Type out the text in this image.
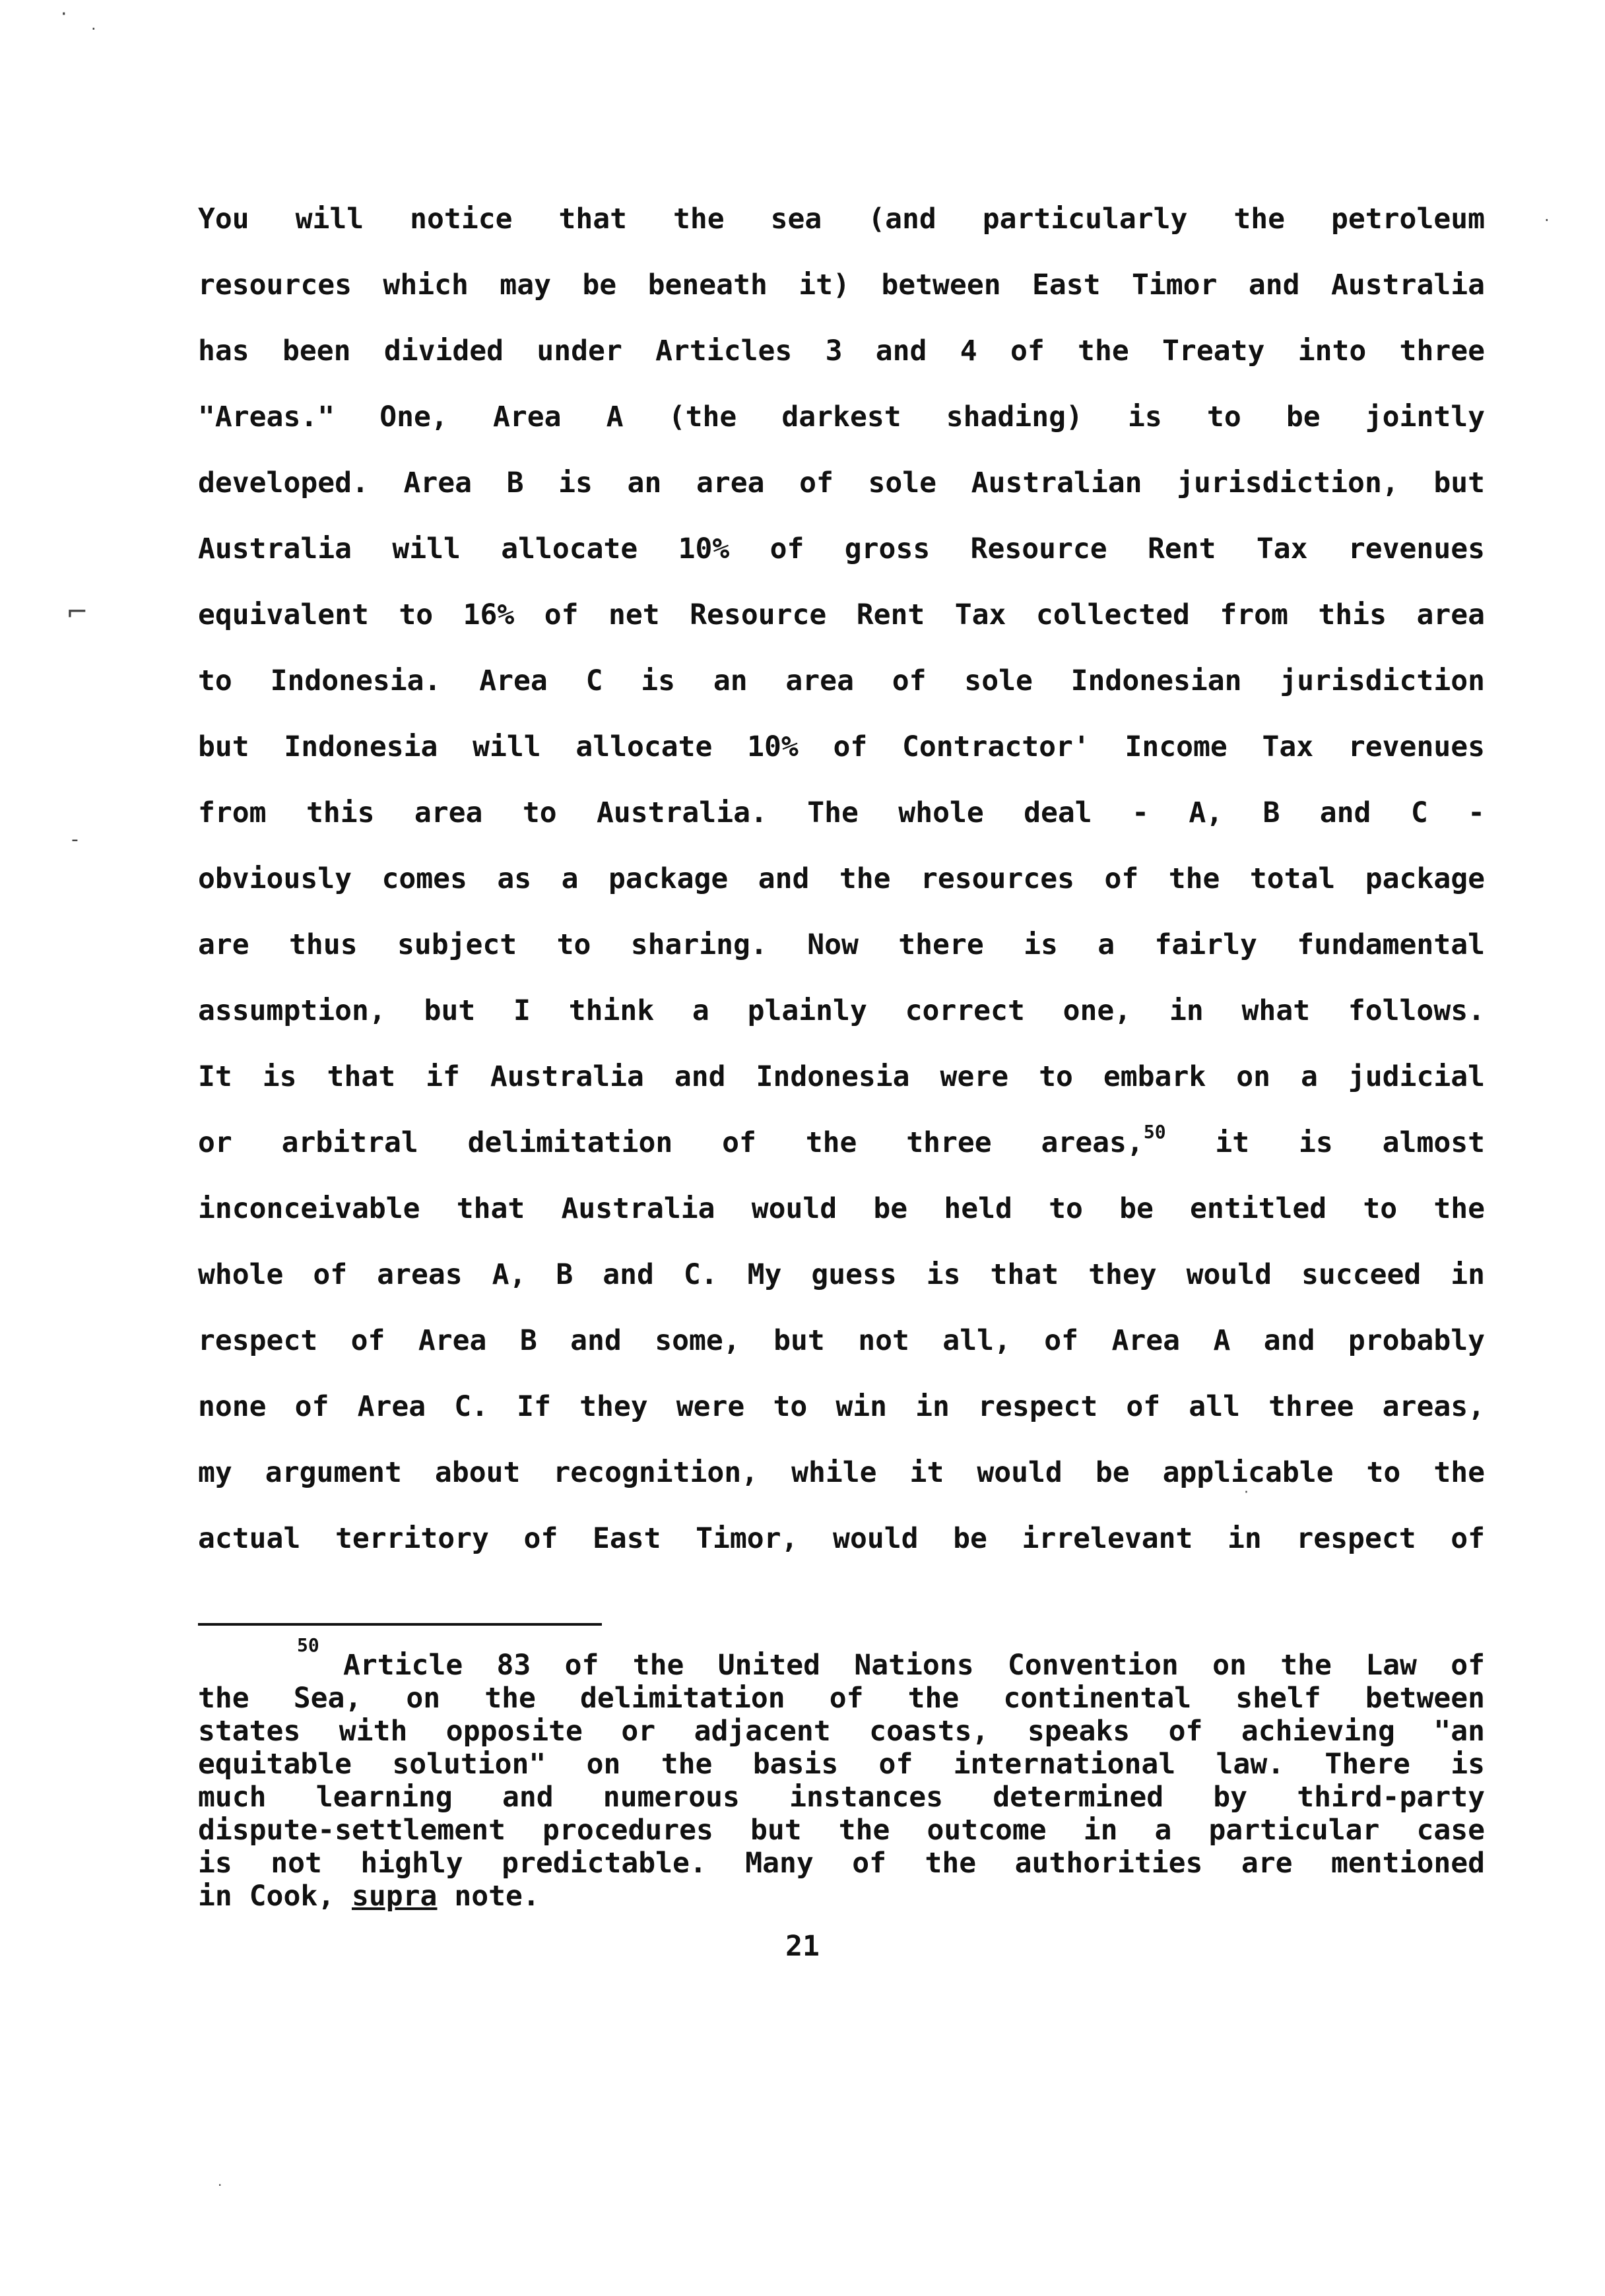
You will notice that the sea (and particularly the petroleum
resources which may be beneath it) between East Timor and Australia
has been divided under Articles 3 and 4 of the Treaty into three
"Areas." One, Area A (the darkest shading) is to be jointly
developed. Area B is an area of sole Australian jurisdiction, but
Australia will allocate 10% of gross Resource Rent Tax revenues
equivalent to 16% of net Resource Rent Tax collected from this area
to Indonesia. Area C is an area of sole Indonesian jurisdiction
but Indonesia will allocate 10% of Contractor' Income Tax revenues
from this area to Australia. The whole deal - A, B and C -
obviously comes as a package and the resources of the total package
are thus subject to sharing. Now there is a fairly fundamental
assumption, but I think a plainly correct one, in what follows.
It is that if Australia and Indonesia were to embark on a judicial
or arbitral delimitation of the three areas,$^{50}$ it is almost
inconceivable that Australia would be held to be entitled to the
whole of areas A, B and C. My guess is that they would succeed in
respect of Area B and some, but not all, of Area A and probably
none of Area C. If they were to win in respect of all three areas,
my argument about recognition, while it would be applicable to the
actual territory of East Timor, would be irrelevant in respect of
50
Article 83 of the United Nations Convention on the Law of
the Sea, on the delimitation of the continental shelf between
states with opposite or adjacent coasts, speaks of achieving "an
equitable solution" on the basis of international law. There is
much learning and numerous instances determined by third-party
dispute-settlement procedures but the outcome in a particular case
is not highly predictable. Many of the authorities are mentioned
in Cook, supra note.
21
·
·
⌐
-
·
·
·
